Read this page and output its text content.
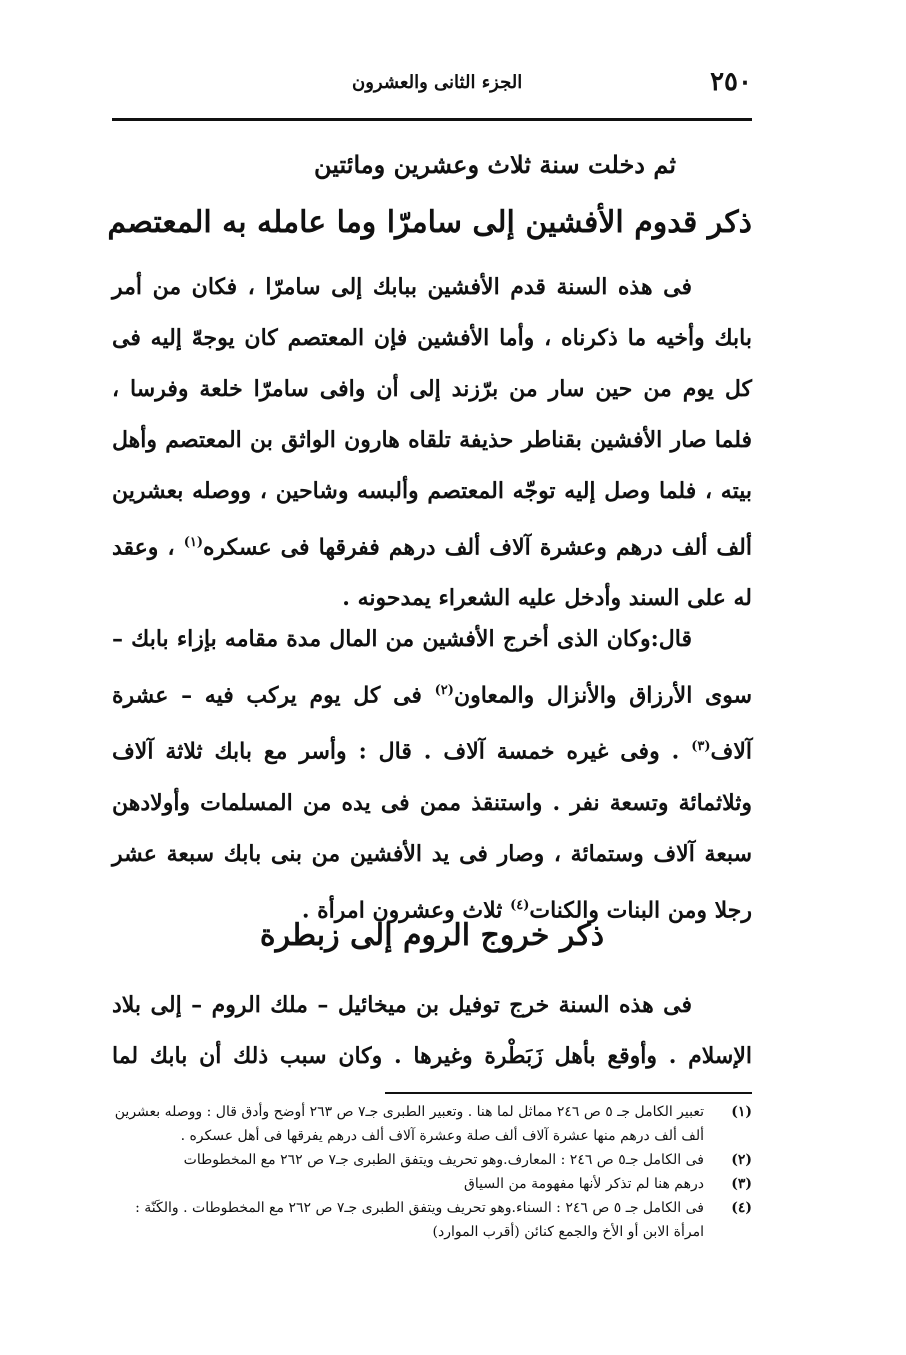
٢٥٠
الجزء الثانى والعشرون
ثم دخلت سنة ثلاث وعشرين ومائتين
ذكر قدوم الأفشين إلى سامرّا وما عامله به المعتصم
فى هذه السنة قدم الأفشين ببابك إلى سامرّا ، فكان من أمر بابك وأخيه ما ذكرناه ، وأما الأفشين فإن المعتصم كان يوجهّ إليه فى كل يوم من حين سار من برّزند إلى أن وافى سامرّا خلعة وفرسا ، فلما صار الأفشين بقناطر حذيفة تلقاه هارون الواثق بن المعتصم وأهل بيته ، فلما وصل إليه توجّه المعتصم وألبسه وشاحين ، ووصله بعشرين ألف ألف درهم وعشرة آلاف ألف درهم ففرقها فى عسكره$^{(١)}$ ، وعقد له على السند وأدخل عليه الشعراء يمدحونه .
قال:وكان الذى أخرج الأفشين من المال مدة مقامه بإزاء بابك – سوى الأرزاق والأنزال والمعاون$^{(٢)}$ فى كل يوم يركب فيه – عشرة آلاف$^{(٣)}$ . وفى غيره خمسة آلاف . قال : وأسر مع بابك ثلاثة آلاف وثلاثمائة وتسعة نفر . واستنقذ ممن فى يده من المسلمات وأولادهن سبعة آلاف وستمائة ، وصار فى يد الأفشين من بنى بابك سبعة عشر رجلا ومن البنات والكنات$^{(٤)}$ ثلاث وعشرون امرأة .
ذكر خروج الروم إلى زبطرة
فى هذه السنة خرج توفيل بن ميخائيل – ملك الروم – إلى بلاد الإسلام . وأوقع بأهل زَبَطْرة وغيرها . وكان سبب ذلك أن بابك لما
(١)
تعبير الكامل جـ ٥ ص ٢٤٦ مماثل لما هنا . وتعبير الطبرى جـ٧ ص ٢٦٣ أوضح وأدق قال : ووصله بعشرين ألف ألف درهم منها عشرة آلاف ألف صلة وعشرة آلاف ألف درهم يفرقها فى أهل عسكره .
(٢)
فى الكامل جـ٥ ص ٢٤٦ : المعارف.وهو تحريف ويتفق الطبرى جـ٧ ص ٢٦٢ مع المخطوطات
(٣)
درهم هنا لم تذكر لأنها مفهومة من السياق
(٤)
فى الكامل جـ ٥ ص ٢٤٦ : السناء.وهو تحريف ويتفق الطبرى جـ٧ ص ٢٦٢ مع المخطوطات . والكَنّة : امرأة الابن أو الأخ والجمع كنائن (أقرب الموارد)
